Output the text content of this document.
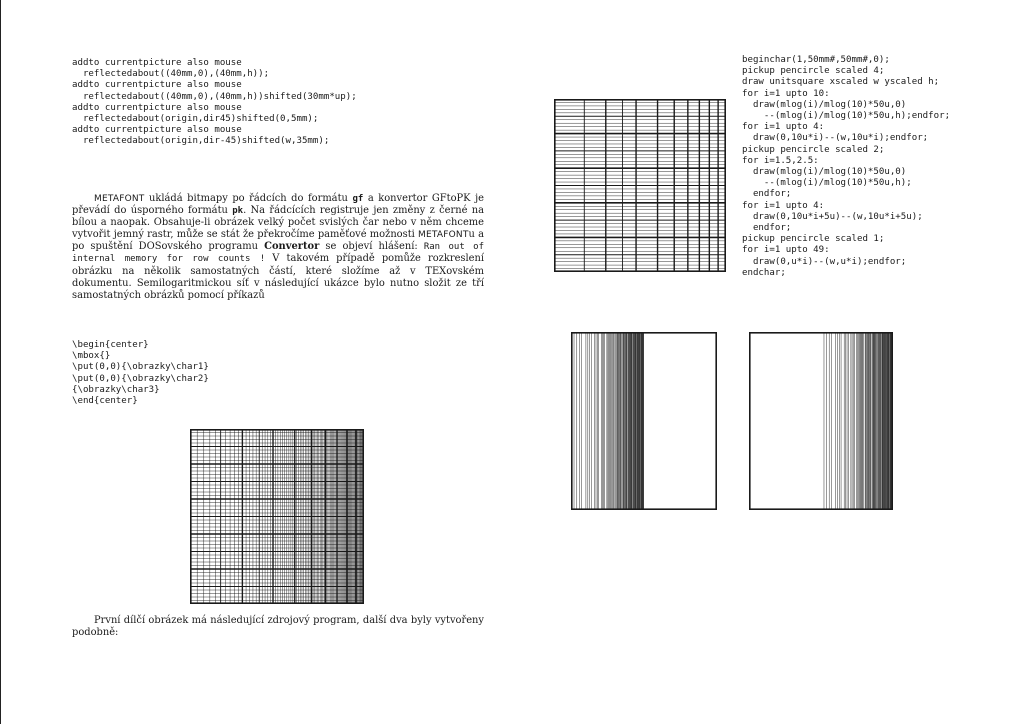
addto currentpicture also mouse
reflectedabout((40mm,0),(40mm,h));
addto currentpicture also mouse
reflectedabout((40mm,0),(40mm,h))shifted(30mm*up);
addto currentpicture also mouse
reflectedabout(origin,dir45)shifted(0,5mm);
addto currentpicture also mouse
reflectedabout(origin,dir-45)shifted(w,35mm);

METAFONT ukládá bitmapy po řádcích do formátu gf a konvertor GFtoPK je převádí do úsporného formátu pk. Na řádcících registruje jen změny z černé na bílou a naopak. Obsahuje-li obrázek velký počet svislých čar nebo v něm chceme vytvořit jemný rastr, může se stát že překročíme paměťové možnosti METAFONTu a po spuštění DOSovského programu Convertor se objeví hlášení: Ran out of internal memory for row counts ! V takovém případě pomůže rozkreslení obrázku na několik samostatných částí, které složíme až v TEXovském dokumentu. Semilogaritmickou síť v následující ukázce bylo nutno složit ze tří samostatných obrázků pomocí příkazů

\begin{center}
\mbox{}
\put(0,0){\obrazky\char1}
\put(0,0){\obrazky\char2}
{\obrazky\char3}
\end{center}

První dílčí obrázek má následující zdrojový program, další dva byly vytvořeny podobně:

beginchar(1,50mm#,50mm#,0);
pickup pencircle scaled 4;
draw unitsquare xscaled w yscaled h;
for i=1 upto 10:
draw(mlog(i)/mlog(10)*50u,0)
--(mlog(i)/mlog(10)*50u,h);endfor;
for i=1 upto 4:
draw(0,10u*i)--(w,10u*i);endfor;
pickup pencircle scaled 2;
for i=1.5,2.5:
draw(mlog(i)/mlog(10)*50u,0)
--(mlog(i)/mlog(10)*50u,h);
endfor;
for i=1 upto 4:
draw(0,10u*i+5u)--(w,10u*i+5u);
endfor;
pickup pencircle scaled 1;
for i=1 upto 49:
draw(0,u*i)--(w,u*i);endfor;
endchar;
